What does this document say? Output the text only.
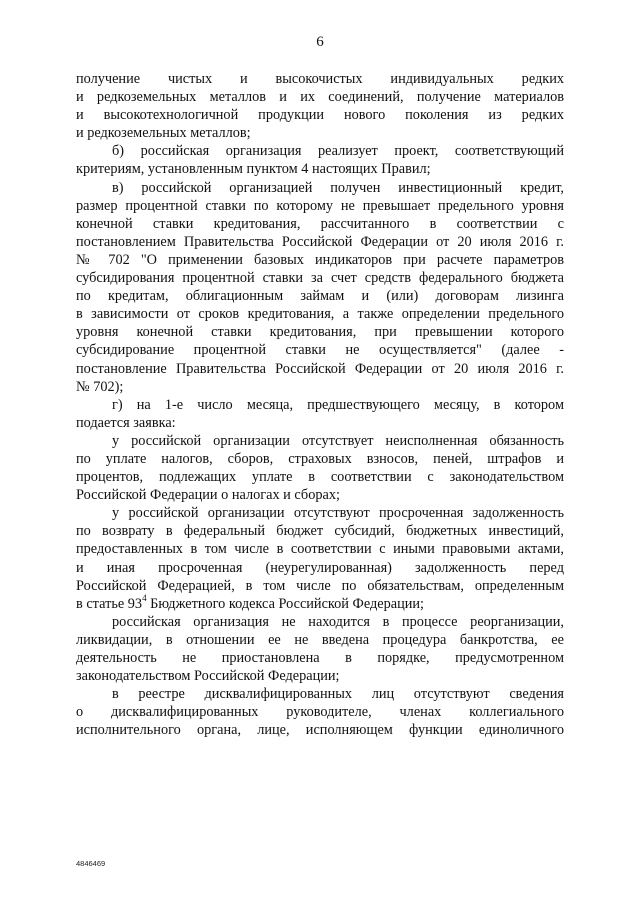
6
получение чистых и высокочистых индивидуальных редких
и редкоземельных металлов и их соединений, получение материалов
и высокотехнологичной продукции нового поколения из редких
и редкоземельных металлов;
б) российская организация реализует проект, соответствующий
критериям, установленным пунктом 4 настоящих Правил;
в) российской организацией получен инвестиционный кредит,
размер процентной ставки по которому не превышает предельного уровня
конечной ставки кредитования, рассчитанного в соответствии с
постановлением Правительства Российской Федерации от 20 июля 2016 г.
№ 702 "О применении базовых индикаторов при расчете параметров
субсидирования процентной ставки за счет средств федерального бюджета
по кредитам, облигационным займам и (или) договорам лизинга
в зависимости от сроков кредитования, а также определении предельного
уровня конечной ставки кредитования, при превышении которого
субсидирование процентной ставки не осуществляется" (далее -
постановление Правительства Российской Федерации от 20 июля 2016 г.
№ 702);
г) на 1-е число месяца, предшествующего месяцу, в котором
подается заявка:
у российской организации отсутствует неисполненная обязанность
по уплате налогов, сборов, страховых взносов, пеней, штрафов и
процентов, подлежащих уплате в соответствии с законодательством
Российской Федерации о налогах и сборах;
у российской организации отсутствуют просроченная задолженность
по возврату в федеральный бюджет субсидий, бюджетных инвестиций,
предоставленных в том числе в соответствии с иными правовыми актами,
и иная просроченная (неурегулированная) задолженность перед
Российской Федерацией, в том числе по обязательствам, определенным
в статье $93^4$ Бюджетного кодекса Российской Федерации;
российская организация не находится в процессе реорганизации,
ликвидации, в отношении ее не введена процедура банкротства, ее
деятельность не приостановлена в порядке, предусмотренном
законодательством Российской Федерации;
в реестре дисквалифицированных лиц отсутствуют сведения
о дисквалифицированных руководителе, членах коллегиального
исполнительного органа, лице, исполняющем функции единоличного
4846469
